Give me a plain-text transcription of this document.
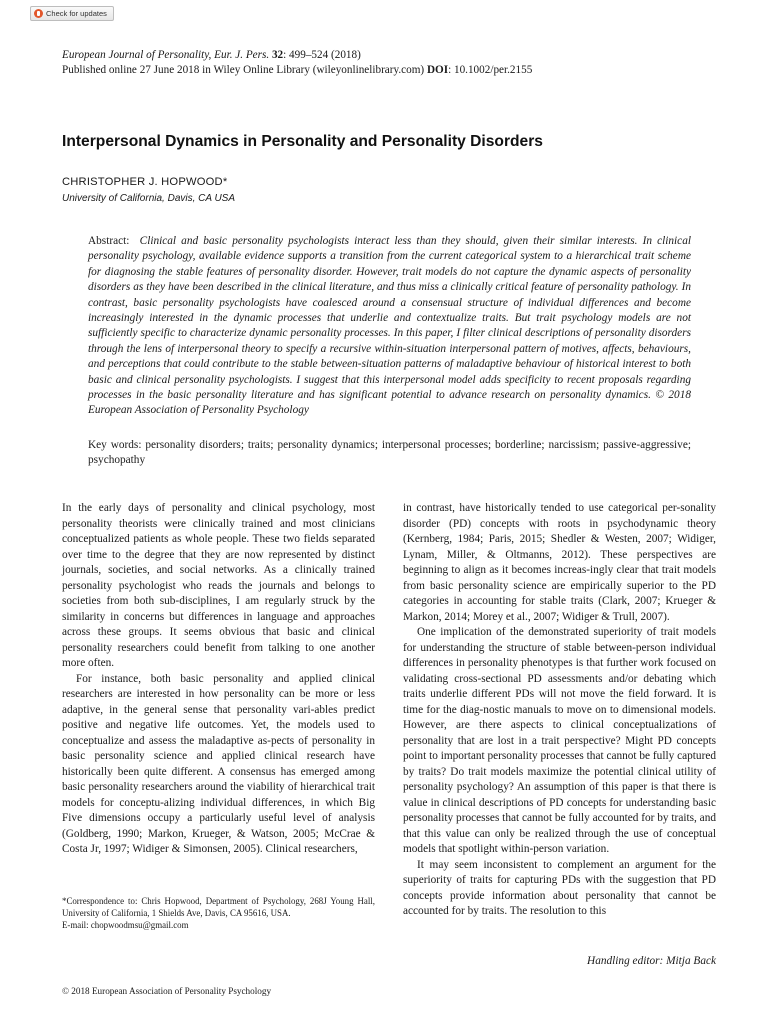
Check for updates
European Journal of Personality, Eur. J. Pers. 32: 499–524 (2018)
Published online 27 June 2018 in Wiley Online Library (wileyonlinelibrary.com) DOI: 10.1002/per.2155
Interpersonal Dynamics in Personality and Personality Disorders
CHRISTOPHER J. HOPWOOD*
University of California, Davis, CA USA
Abstract: Clinical and basic personality psychologists interact less than they should, given their similar interests. In clinical personality psychology, available evidence supports a transition from the current categorical system to a hierarchical trait scheme for diagnosing the stable features of personality disorder. However, trait models do not capture the dynamic aspects of personality disorders as they have been described in the clinical literature, and thus miss a clinically critical feature of personality pathology. In contrast, basic personality psychologists have coalesced around a consensual structure of individual differences and become increasingly interested in the dynamic processes that underlie and contextualize traits. But trait psychology models are not sufficiently specific to characterize dynamic personality processes. In this paper, I filter clinical descriptions of personality disorders through the lens of interpersonal theory to specify a recursive within-situation interpersonal pattern of motives, affects, behaviours, and perceptions that could contribute to the stable between-situation patterns of maladaptive behaviour of historical interest to both basic and clinical personality psychologists. I suggest that this interpersonal model adds specificity to recent proposals regarding processes in the basic personality literature and has significant potential to advance research on personality dynamics. © 2018 European Association of Personality Psychology
Key words: personality disorders; traits; personality dynamics; interpersonal processes; borderline; narcissism; passive-aggressive; psychopathy

In the early days of personality and clinical psychology, most personality theorists were clinically trained and most clinicians conceptualized patients as whole people. These two fields separated over time to the degree that they are now represented by distinct journals, societies, and social networks. As a clinically trained personality psychologist who reads the journals and belongs to societies from both sub-disciplines, I am regularly struck by the similarity in concerns but differences in language and approaches across these groups. It seems obvious that basic and clinical personality researchers could benefit from talking to one another more often.

For instance, both basic personality and applied clinical researchers are interested in how personality can be more or less adaptive, in the general sense that personality vari-ables predict positive and negative life outcomes. Yet, the models used to conceptualize and assess the maladaptive as-pects of personality in basic personality science and applied clinical research have historically been quite different. A consensus has emerged among basic personality researchers around the viability of hierarchical trait models for conceptu-alizing individual differences, in which Big Five dimensions occupy a particularly useful level of analysis (Goldberg, 1990; Markon, Krueger, & Watson, 2005; McCrae & Costa Jr, 1997; Widiger & Simonsen, 2005). Clinical researchers,

in contrast, have historically tended to use categorical per-sonality disorder (PD) concepts with roots in psychodynamic theory (Kernberg, 1984; Paris, 2015; Shedler & Westen, 2007; Widiger, Lynam, Miller, & Oltmanns, 2012). These perspectives are beginning to align as it becomes increas-ingly clear that trait models from basic personality science are empirically superior to the PD categories in accounting for stable traits (Clark, 2007; Krueger & Markon, 2014; Morey et al., 2007; Widiger & Trull, 2007).

One implication of the demonstrated superiority of trait models for understanding the structure of stable between-person individual differences in personality phenotypes is that further work focused on validating cross-sectional PD assessments and/or debating which traits underlie different PDs will not move the field forward. It is time for the diag-nostic manuals to move on to dimensional models. However, are there aspects to clinical conceptualizations of personality that are lost in a trait perspective? Might PD concepts point to important personality processes that cannot be fully captured by traits? Do trait models maximize the potential clinical utility of personality psychology? An assumption of this paper is that there is value in clinical descriptions of PD concepts for understanding basic personality processes that cannot be fully accounted for by traits, and that this value can only be realized through the use of conceptual models that spotlight within-person variation.

It may seem inconsistent to complement an argument for the superiority of traits for capturing PDs with the suggestion that PD concepts provide information about personality that cannot be accounted for by traits. The resolution to this

*Correspondence to: Chris Hopwood, Department of Psychology, 268J Young Hall, University of California, 1 Shields Ave, Davis, CA 95616, USA.
E-mail: chopwoodmsu@gmail.com
Handling editor: Mitja Back
© 2018 European Association of Personality Psychology
